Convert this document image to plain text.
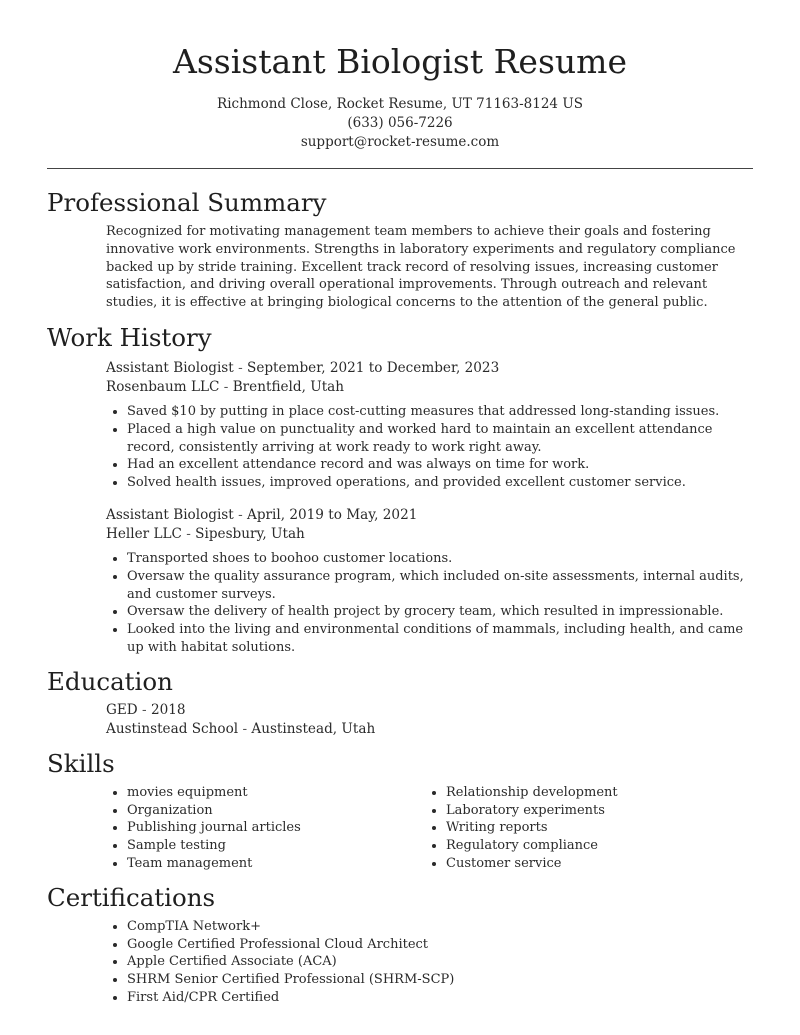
Assistant Biologist Resume
Richmond Close, Rocket Resume, UT 71163-8124 US
(633) 056-7226
support@rocket-resume.com
Professional Summary
Recognized for motivating management team members to achieve their goals and fostering innovative work environments. Strengths in laboratory experiments and regulatory compliance backed up by stride training. Excellent track record of resolving issues, increasing customer satisfaction, and driving overall operational improvements. Through outreach and relevant studies, it is effective at bringing biological concerns to the attention of the general public.
Work History
Assistant Biologist - September, 2021 to December, 2023
Rosenbaum LLC - Brentfield, Utah
• Saved $10 by putting in place cost-cutting measures that addressed long-standing issues.
• Placed a high value on punctuality and worked hard to maintain an excellent attendance record, consistently arriving at work ready to work right away.
• Had an excellent attendance record and was always on time for work.
• Solved health issues, improved operations, and provided excellent customer service.
Assistant Biologist - April, 2019 to May, 2021
Heller LLC - Sipesbury, Utah
• Transported shoes to boohoo customer locations.
• Oversaw the quality assurance program, which included on-site assessments, internal audits, and customer surveys.
• Oversaw the delivery of health project by grocery team, which resulted in impressionable.
• Looked into the living and environmental conditions of mammals, including health, and came up with habitat solutions.
Education
GED - 2018
Austinstead School - Austinstead, Utah
Skills
• movies equipment
• Organization
• Publishing journal articles
• Sample testing
• Team management
• Relationship development
• Laboratory experiments
• Writing reports
• Regulatory compliance
• Customer service
Certifications
• CompTIA Network+
• Google Certified Professional Cloud Architect
• Apple Certified Associate (ACA)
• SHRM Senior Certified Professional (SHRM-SCP)
• First Aid/CPR Certified
